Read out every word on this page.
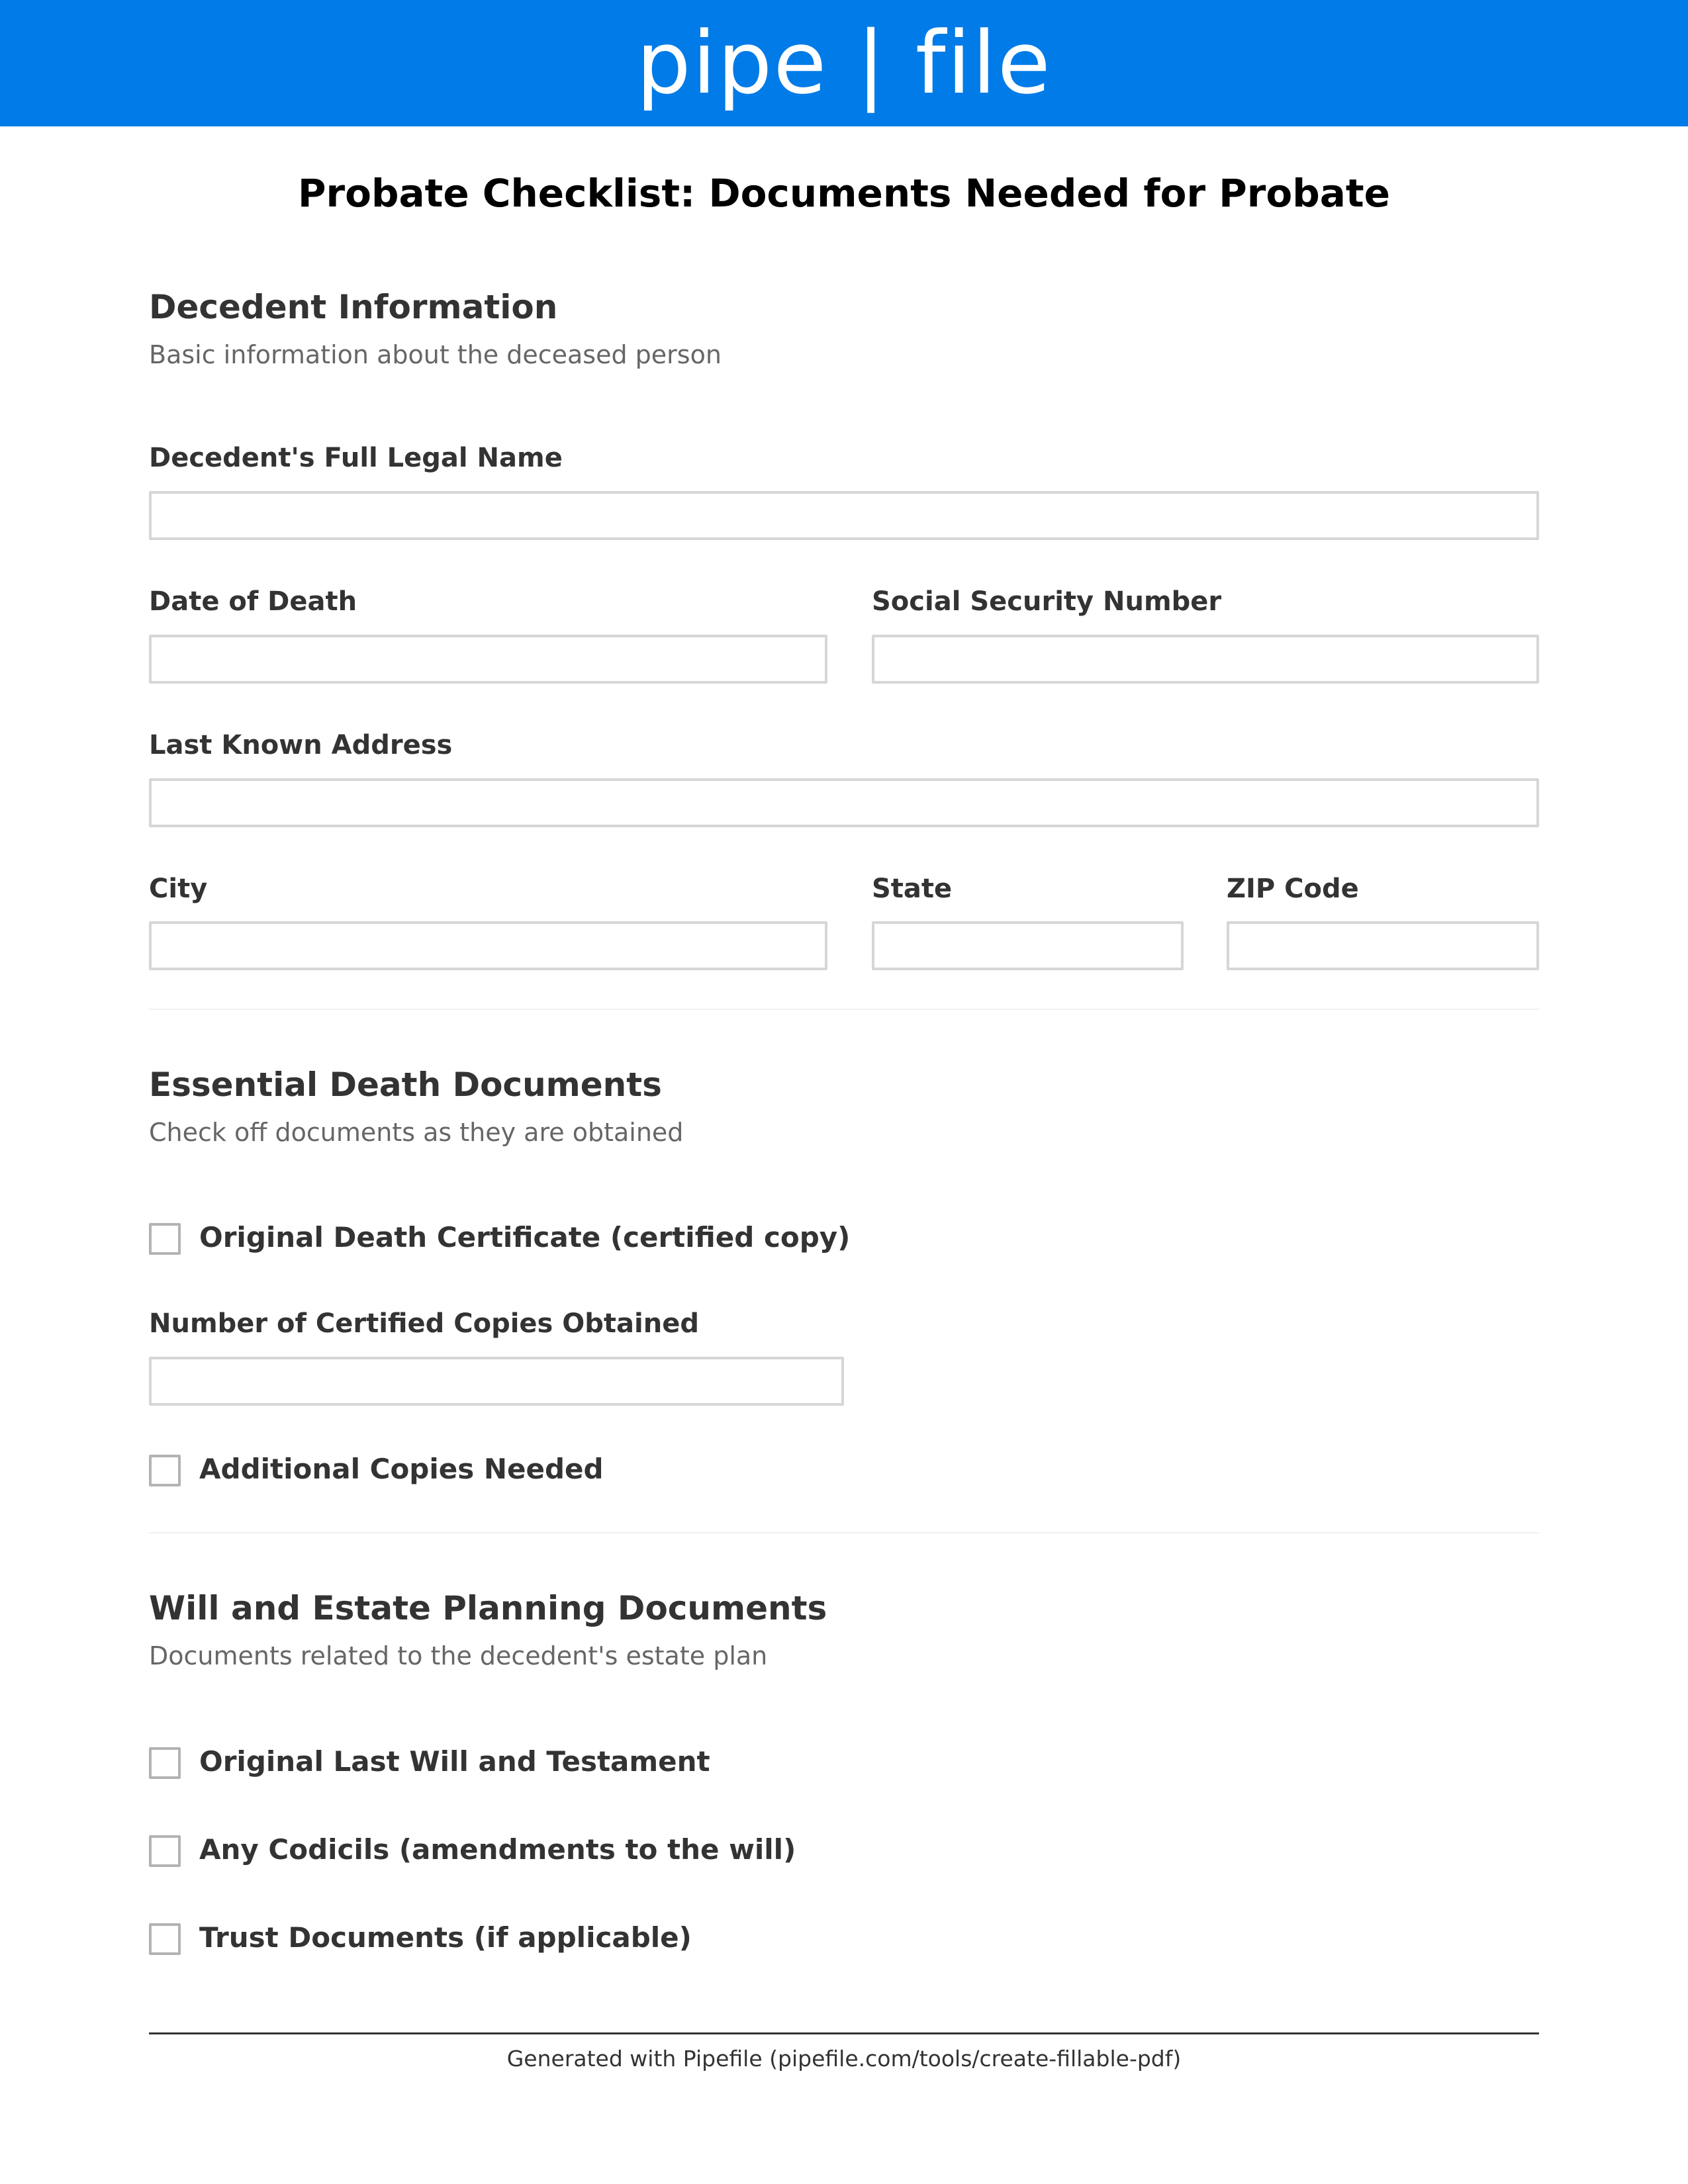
pipe | file
Probate Checklist: Documents Needed for Probate
Decedent Information
Basic information about the deceased person
Decedent's Full Legal Name
Date of Death	Social Security Number
Last Known Address
City	State	ZIP Code
Essential Death Documents
Check off documents as they are obtained
Original Death Certificate (certified copy)
Number of Certified Copies Obtained
Additional Copies Needed
Will and Estate Planning Documents
Documents related to the decedent's estate plan
Original Last Will and Testament
Any Codicils (amendments to the will)
Trust Documents (if applicable)
Generated with Pipefile (pipefile.com/tools/create-fillable-pdf)
